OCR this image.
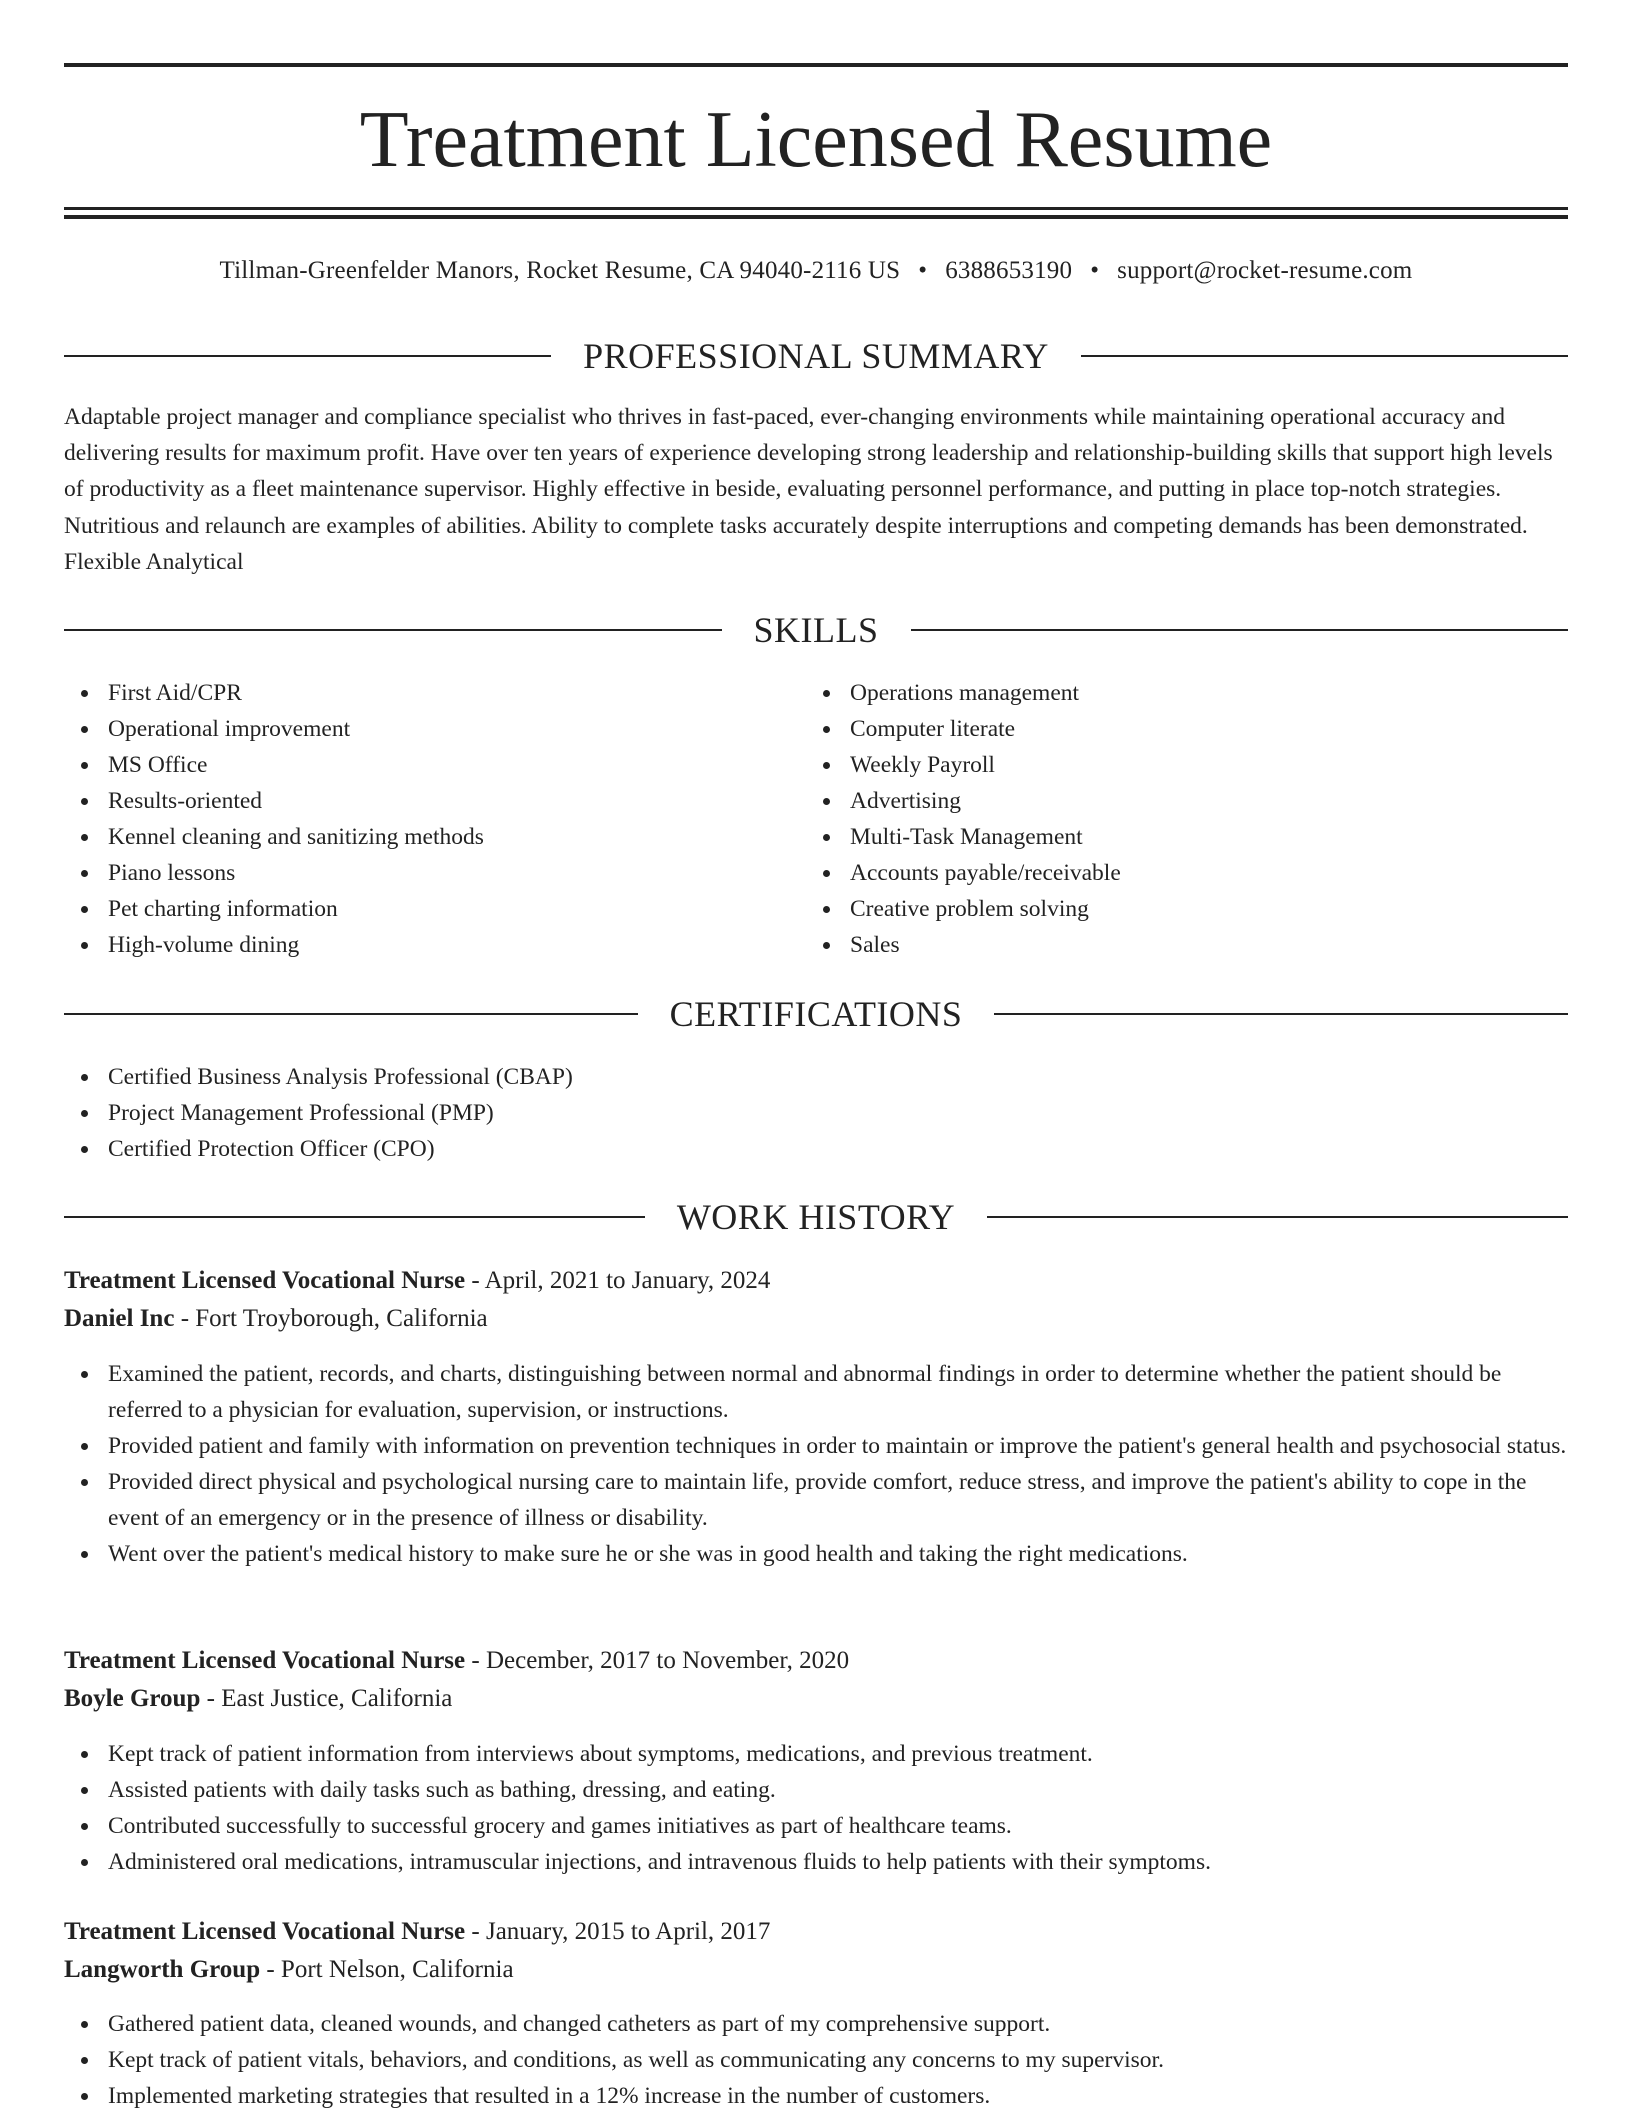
Treatment Licensed Resume
Tillman-Greenfelder Manors, Rocket Resume, CA 94040-2116 US • 6388653190 • support@rocket-resume.com
PROFESSIONAL SUMMARY

Adaptable project manager and compliance specialist who thrives in fast-paced, ever-changing environments while maintaining operational accuracy and delivering results for maximum profit. Have over ten years of experience developing strong leadership and relationship-building skills that support high levels of productivity as a fleet maintenance supervisor. Highly effective in beside, evaluating personnel performance, and putting in place top-notch strategies. Nutritious and relaunch are examples of abilities. Ability to complete tasks accurately despite interruptions and competing demands has been demonstrated. Flexible Analytical

SKILLS
First Aid/CPR
Operational improvement
MS Office
Results-oriented
Kennel cleaning and sanitizing methods
Piano lessons
Pet charting information
High-volume dining
Operations management
Computer literate
Weekly Payroll
Advertising
Multi-Task Management
Accounts payable/receivable
Creative problem solving
Sales
CERTIFICATIONS
Certified Business Analysis Professional (CBAP)
Project Management Professional (PMP)
Certified Protection Officer (CPO)
WORK HISTORY
Treatment Licensed Vocational Nurse - April, 2021 to January, 2024
Daniel Inc - Fort Troyborough, California
Examined the patient, records, and charts, distinguishing between normal and abnormal findings in order to determine whether the patient should be referred to a physician for evaluation, supervision, or instructions.
Provided patient and family with information on prevention techniques in order to maintain or improve the patient's general health and psychosocial status.
Provided direct physical and psychological nursing care to maintain life, provide comfort, reduce stress, and improve the patient's ability to cope in the event of an emergency or in the presence of illness or disability.
Went over the patient's medical history to make sure he or she was in good health and taking the right medications.
Treatment Licensed Vocational Nurse - December, 2017 to November, 2020
Boyle Group - East Justice, California
Kept track of patient information from interviews about symptoms, medications, and previous treatment.
Assisted patients with daily tasks such as bathing, dressing, and eating.
Contributed successfully to successful grocery and games initiatives as part of healthcare teams.
Administered oral medications, intramuscular injections, and intravenous fluids to help patients with their symptoms.
Treatment Licensed Vocational Nurse - January, 2015 to April, 2017
Langworth Group - Port Nelson, California
Gathered patient data, cleaned wounds, and changed catheters as part of my comprehensive support.
Kept track of patient vitals, behaviors, and conditions, as well as communicating any concerns to my supervisor.
Implemented marketing strategies that resulted in a 12% increase in the number of customers.
